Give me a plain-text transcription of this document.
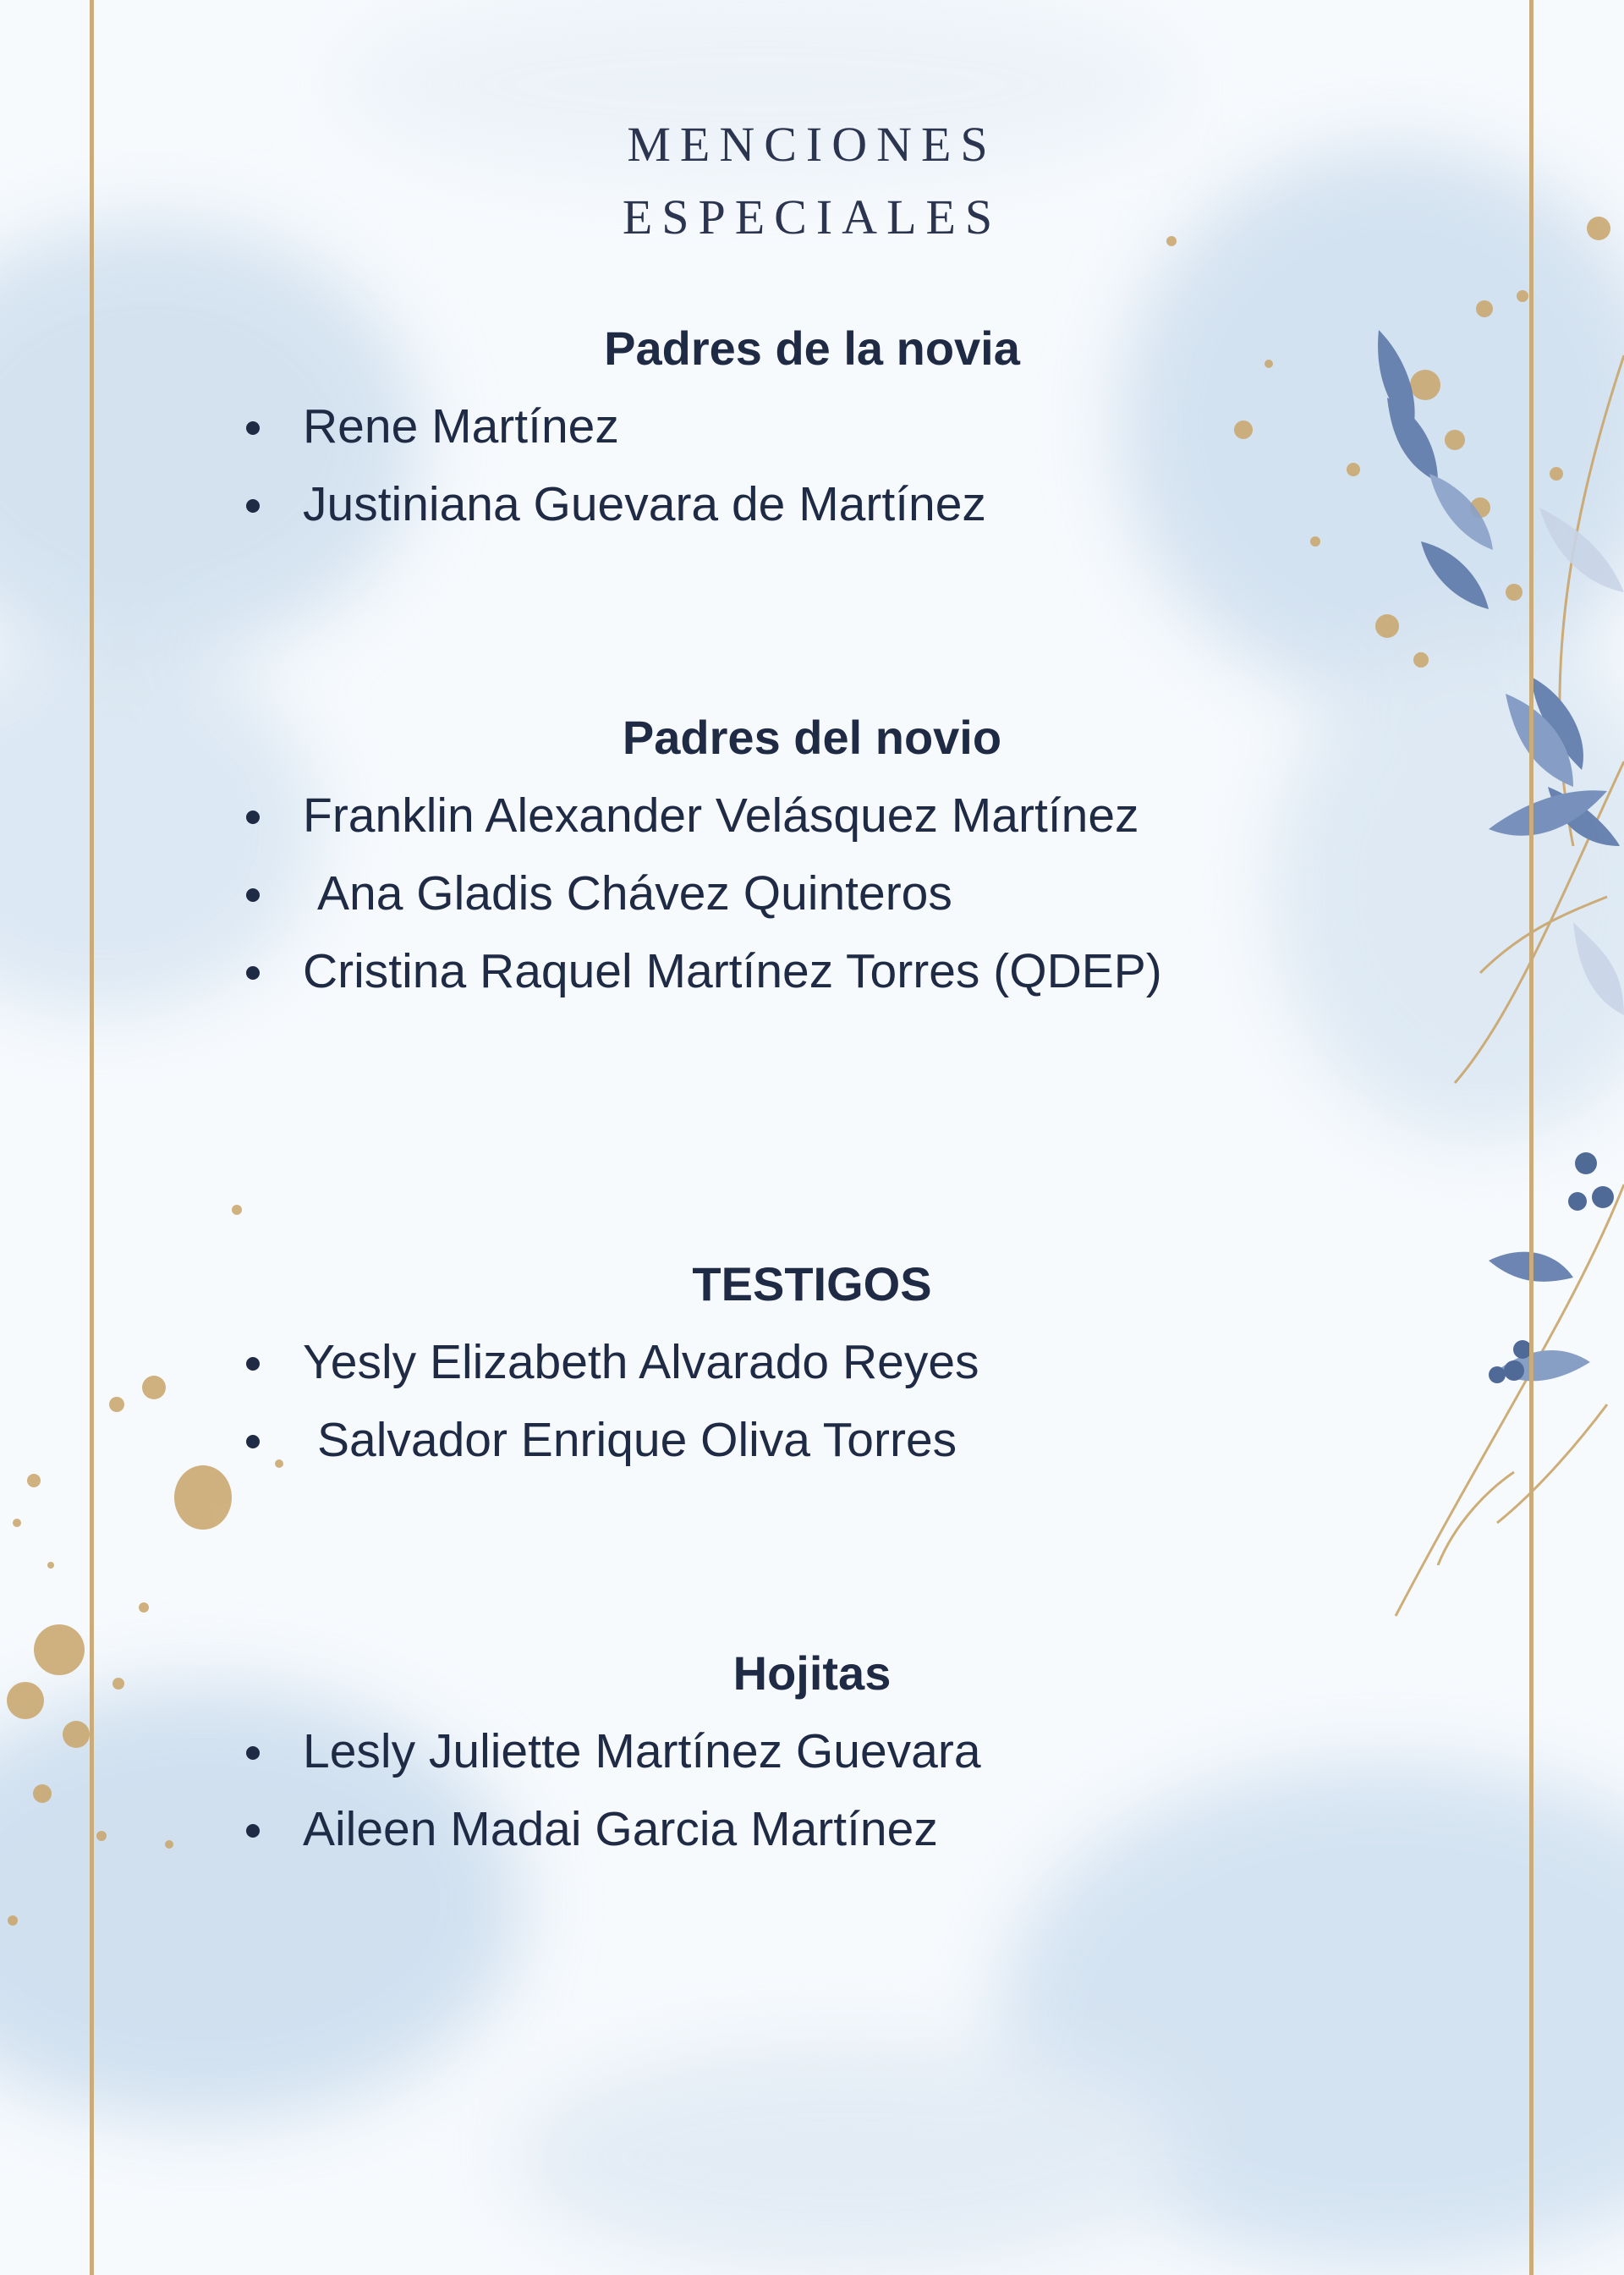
MENCIONES
ESPECIALES
Padres de la novia
Rene Martínez
Justiniana Guevara de Martínez
Padres del novio
Franklin Alexander Velásquez Martínez
Ana Gladis Chávez Quinteros
Cristina Raquel Martínez Torres (QDEP)
TESTIGOS
Yesly Elizabeth Alvarado Reyes
Salvador Enrique Oliva Torres
Hojitas
Lesly Juliette Martínez Guevara
Aileen Madai Garcia Martínez
